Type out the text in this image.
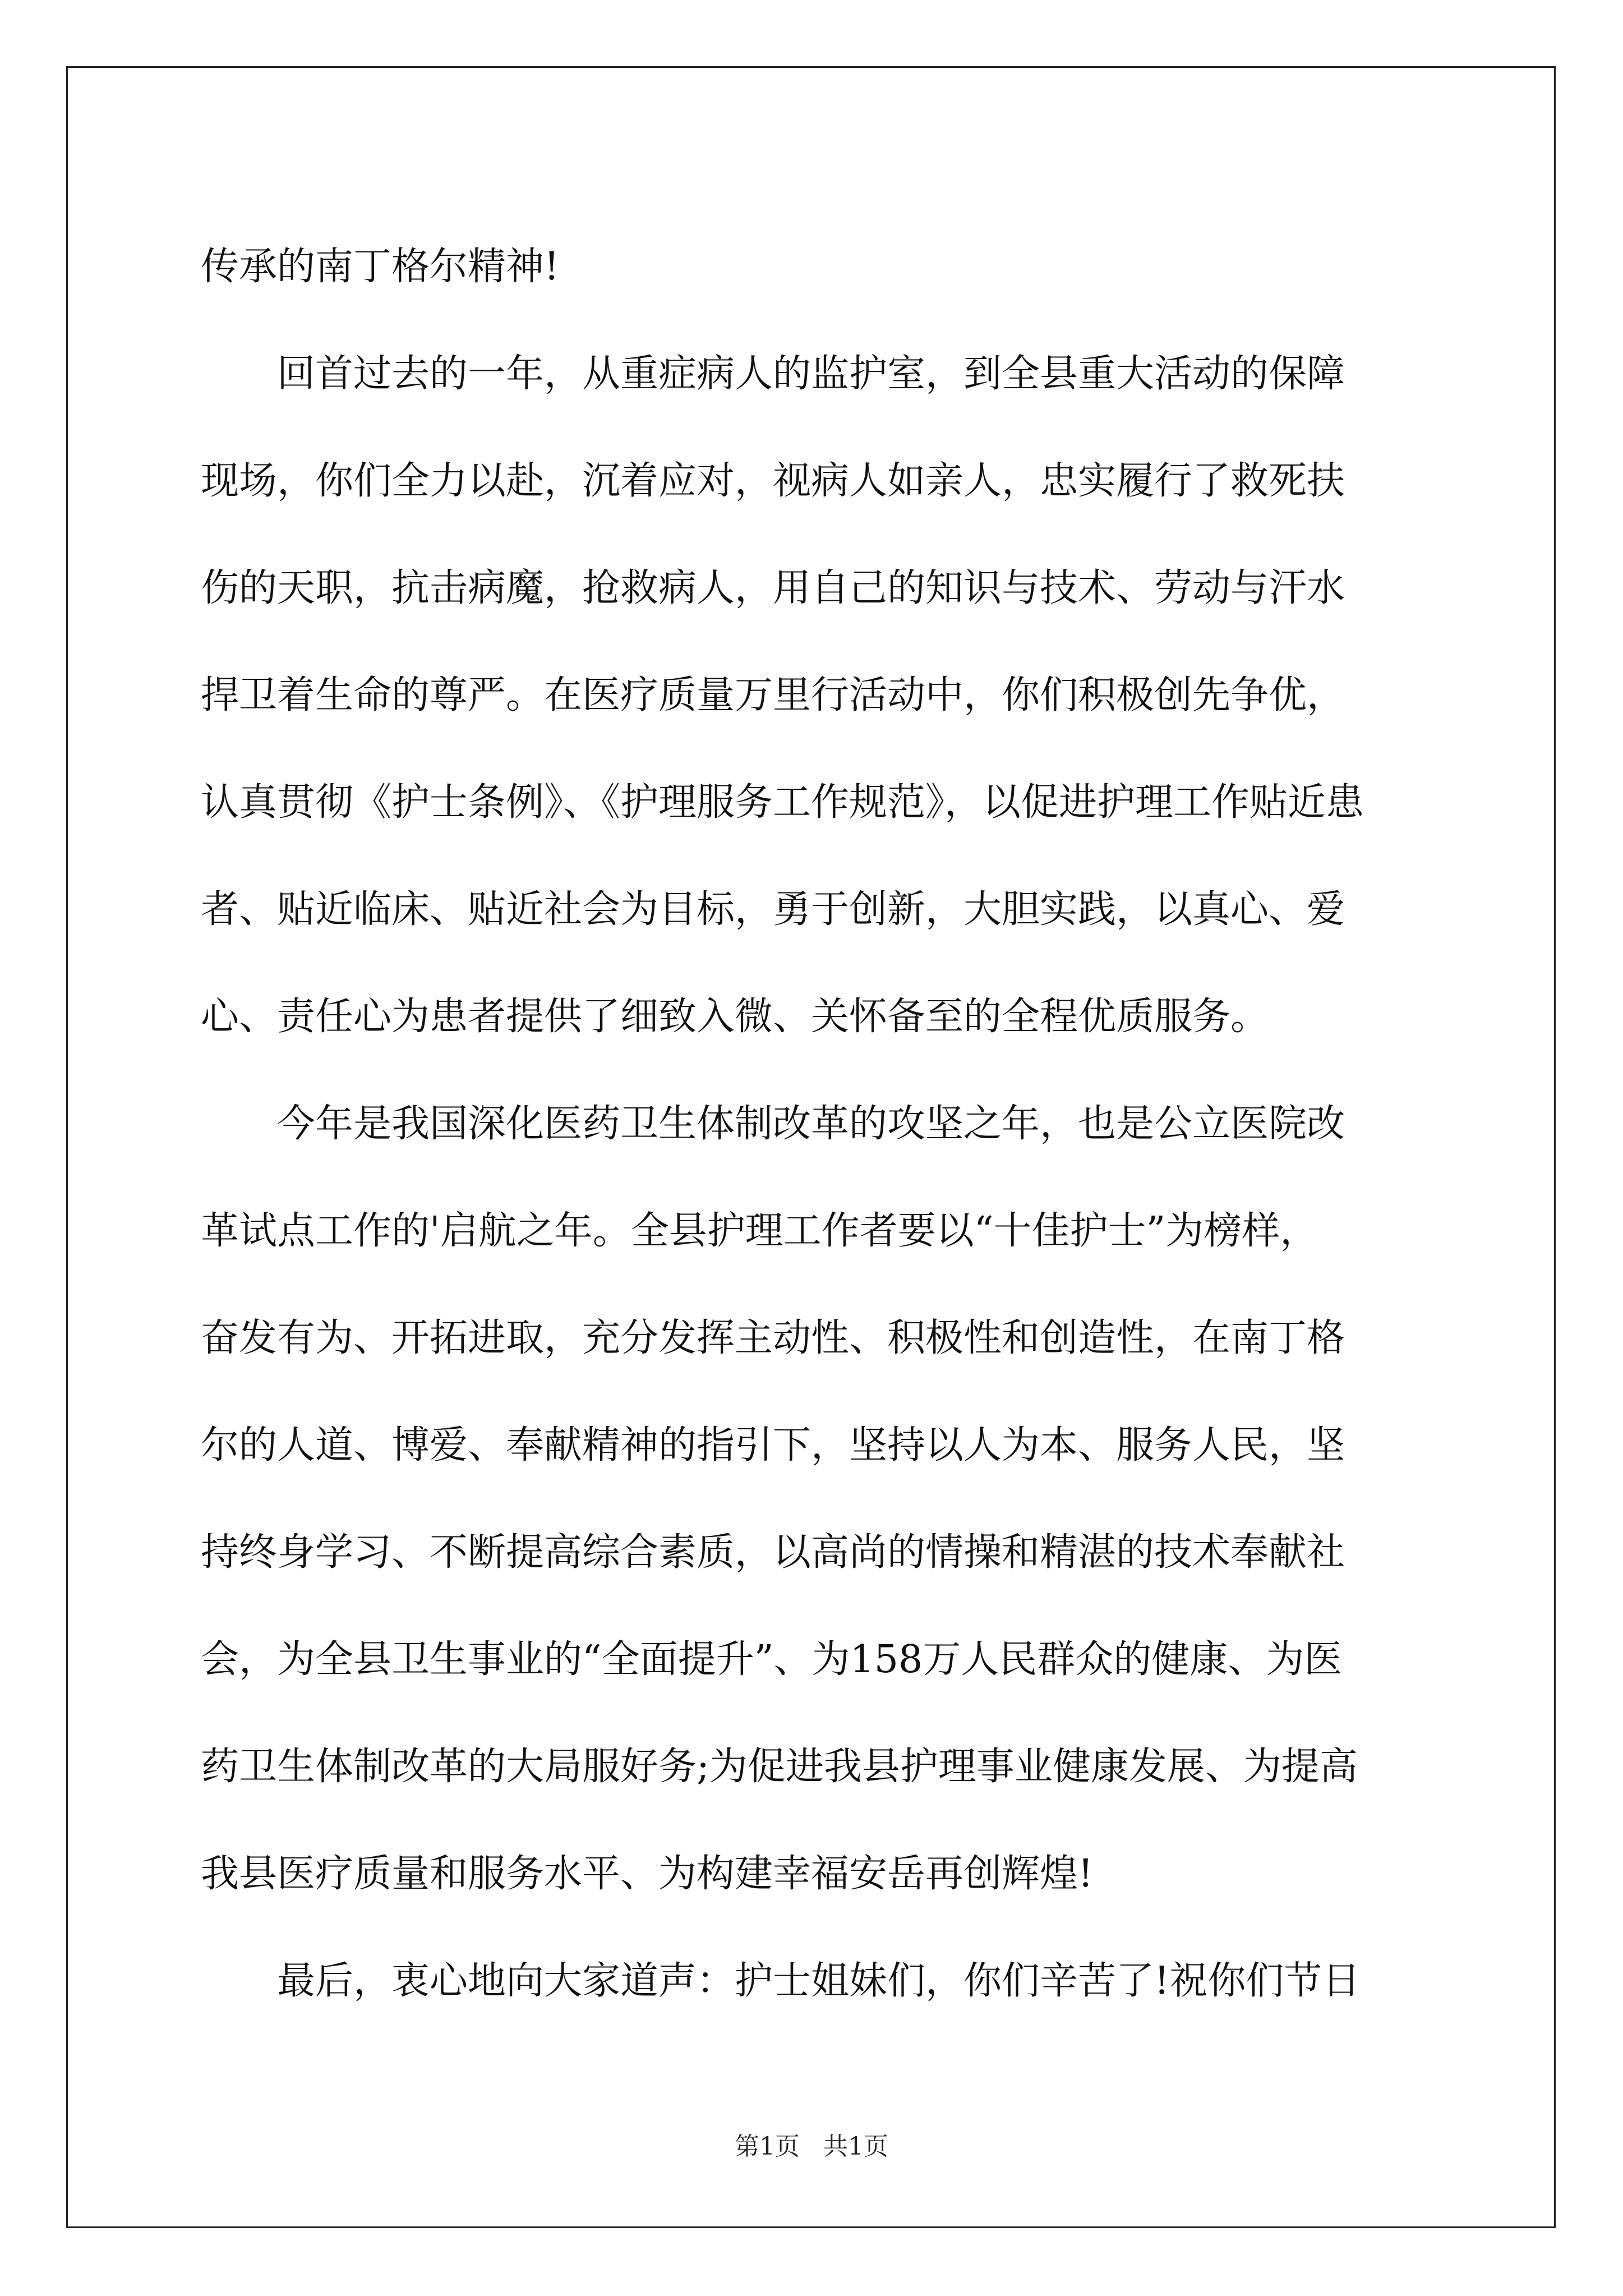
传承的南丁格尔精神!
　　回首过去的一年，从重症病人的监护室，到全县重大活动的保障
现场，你们全力以赴，沉着应对，视病人如亲人，忠实履行了救死扶
伤的天职，抗击病魔，抢救病人，用自己的知识与技术、劳动与汗水
捍卫着生命的尊严。在医疗质量万里行活动中，你们积极创先争优，
认真贯彻《护士条例》、《护理服务工作规范》，以促进护理工作贴近患
者、贴近临床、贴近社会为目标，勇于创新，大胆实践，以真心、爱
心、责任心为患者提供了细致入微、关怀备至的全程优质服务。
　　今年是我国深化医药卫生体制改革的攻坚之年，也是公立医院改
革试点工作的'启航之年。全县护理工作者要以“十佳护士”为榜样，
奋发有为、开拓进取，充分发挥主动性、积极性和创造性，在南丁格
尔的人道、博爱、奉献精神的指引下，坚持以人为本、服务人民，坚
持终身学习、不断提高综合素质，以高尚的情操和精湛的技术奉献社
会，为全县卫生事业的“全面提升”、为158万人民群众的健康、为医
药卫生体制改革的大局服好务;为促进我县护理事业健康发展、为提高
我县医疗质量和服务水平、为构建幸福安岳再创辉煌!
　　最后，衷心地向大家道声：护士姐妹们，你们辛苦了!祝你们节日
第1页 共1页
